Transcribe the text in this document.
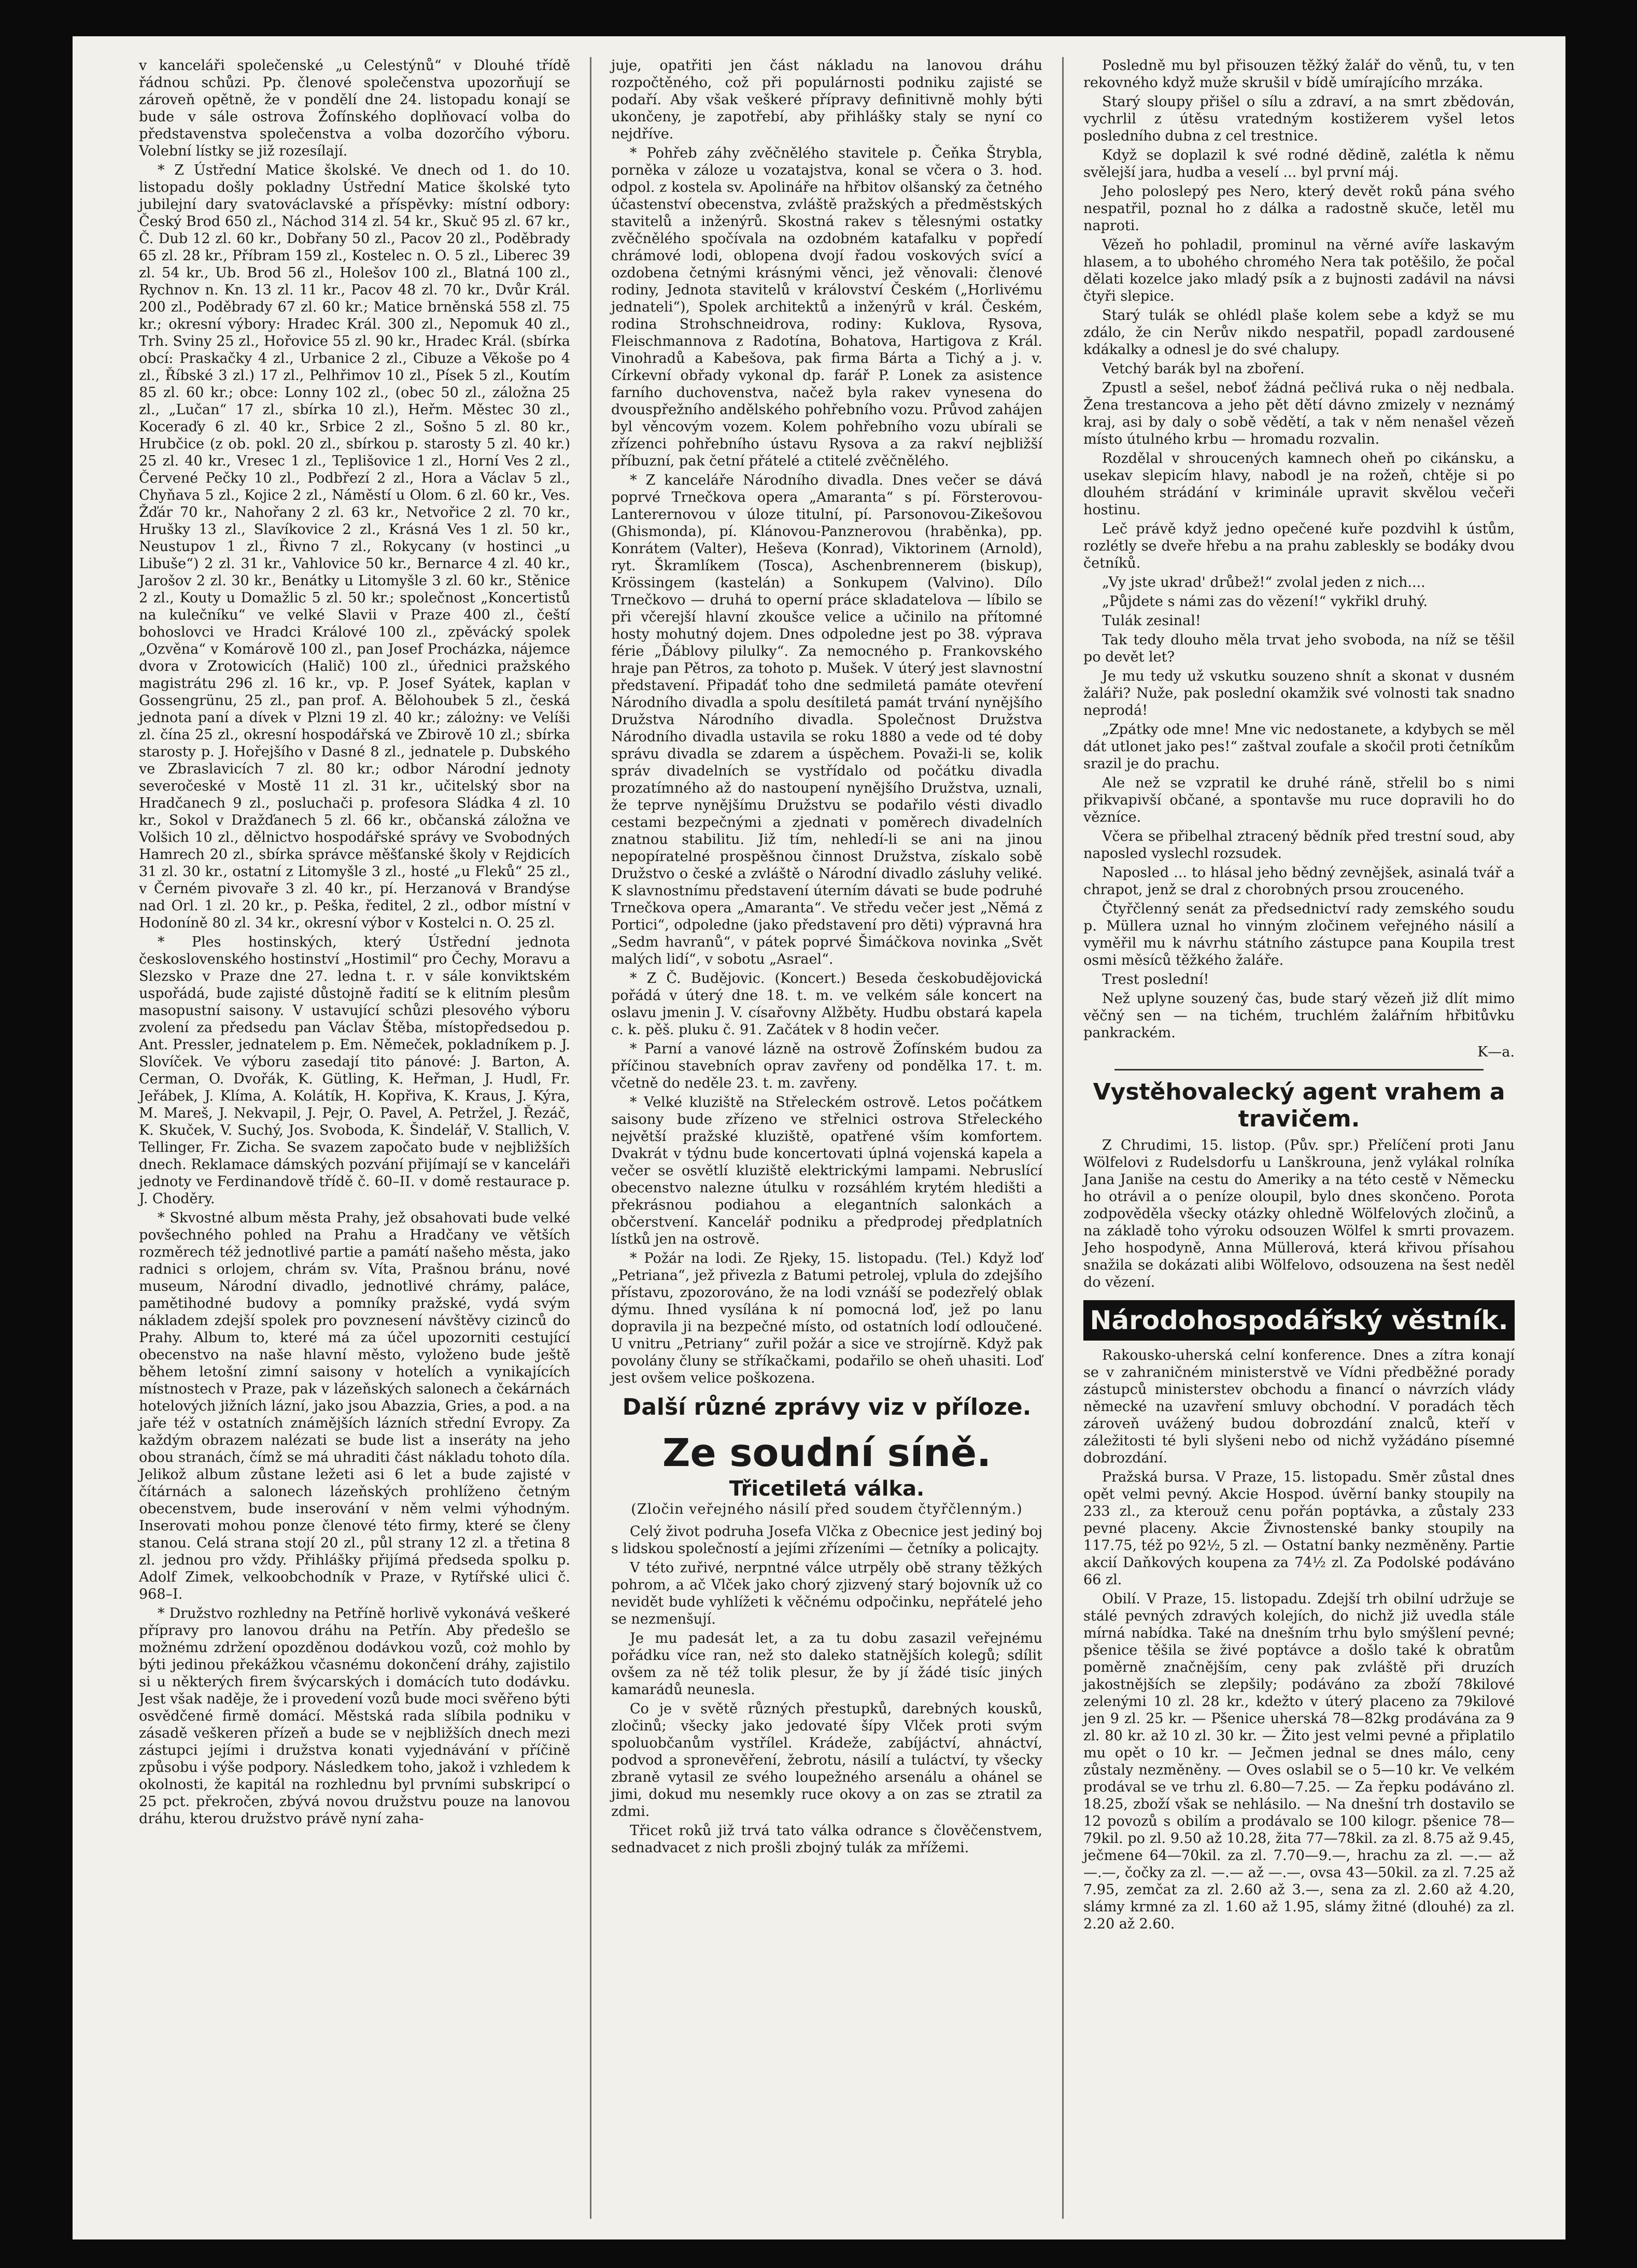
v kanceláři společenské „u Celestýnů“ v Dlouhé třídě řádnou schůzi. Pp. členové společenstva upozorňují se zároveň opětně, že v pondělí dne 24. listopadu konají se bude v sále ostrova Žofínského doplňovací volba do představenstva společenstva a volba dozorčího výboru. Volební lístky se již rozesílají.

* Z Ústřední Matice školské. Ve dnech od 1. do 10. listopadu došly pokladny Ústřední Matice školské tyto jubilejní dary svatováclavské a příspěvky: místní odbory: Český Brod 650 zl., Náchod 314 zl. 54 kr., Skuč 95 zl. 67 kr., Č. Dub 12 zl. 60 kr., Dobřany 50 zl., Pacov 20 zl., Poděbrady 65 zl. 28 kr., Příbram 159 zl., Kostelec n. O. 5 zl., Liberec 39 zl. 54 kr., Ub. Brod 56 zl., Holešov 100 zl., Blatná 100 zl., Rychnov n. Kn. 13 zl. 11 kr., Pacov 48 zl. 70 kr., Dvůr Král. 200 zl., Poděbrady 67 zl. 60 kr.; Matice brněnská 558 zl. 75 kr.; okresní výbory: Hradec Král. 300 zl., Nepomuk 40 zl., Trh. Sviny 25 zl., Hořovice 55 zl. 90 kr., Hradec Král. (sbírka obcí: Praskačky 4 zl., Urbanice 2 zl., Cibuze a Věkoše po 4 zl., Říbské 3 zl.) 17 zl., Pelhřimov 10 zl., Písek 5 zl., Koutím 85 zl. 60 kr.; obce: Lonny 102 zl., (obec 50 zl., záložna 25 zl., „Lučan“ 17 zl., sbírka 10 zl.), Heřm. Městec 30 zl., Koceraďy 6 zl. 40 kr., Srbice 2 zl., Sošno 5 zl. 80 kr., Hrubčice (z ob. pokl. 20 zl., sbírkou p. starosty 5 zl. 40 kr.) 25 zl. 40 kr., Vresec 1 zl., Teplišovice 1 zl., Horní Ves 2 zl., Červené Pečky 10 zl., Podbřezí 2 zl., Hora a Václav 5 zl., Chyňava 5 zl., Kojice 2 zl., Náměstí u Olom. 6 zl. 60 kr., Ves. Žďár 70 kr., Nahořany 2 zl. 63 kr., Netvořice 2 zl. 70 kr., Hrušky 13 zl., Slavíkovice 2 zl., Krásná Ves 1 zl. 50 kr., Neustupov 1 zl., Řivno 7 zl., Rokycany (v hostinci „u Libuše“) 2 zl. 31 kr., Vahlovice 50 kr., Bernarce 4 zl. 40 kr., Jarošov 2 zl. 30 kr., Benátky u Litomyšle 3 zl. 60 kr., Stěnice 2 zl., Kouty u Domažlic 5 zl. 50 kr.; společnost „Koncertistů na kulečníku“ ve velké Slavii v Praze 400 zl., čeští bohoslovci ve Hradci Králové 100 zl., zpěvácký spolek „Ozvěna“ v Komárově 100 zl., pan Josef Procházka, nájemce dvora v Zrotowicích (Halič) 100 zl., úřednici pražského magistrátu 296 zl. 16 kr., vp. P. Josef Syátek, kaplan v Gossengrünu, 25 zl., pan prof. A. Bělohoubek 5 zl., česká jednota paní a dívek v Plzni 19 zl. 40 kr.; zálożny: ve Velíši zl. čína 25 zl., okresní hospodářská ve Zbirově 10 zl.; sbírka starosty p. J. Hořejšího v Dasné 8 zl., jednatele p. Dubského ve Zbraslavicích 7 zl. 80 kr.; odbor Národní jednoty severočeské v Mostě 11 zl. 31 kr., učitelský sbor na Hradčanech 9 zl., posluchači p. profesora Sládka 4 zl. 10 kr., Sokol v Dražďanech 5 zl. 66 kr., občanská záložna ve Volšich 10 zl., dělnictvo hospodářské správy ve Svobodných Hamrech 20 zl., sbírka správce měšťanské školy v Rejdicích 31 zl. 30 kr., ostatní z Litomyšle 3 zl., hosté „u Fleků“ 25 zl., v Černém pivovaře 3 zl. 40 kr., pí. Herzanová v Brandýse nad Orl. 1 zl. 20 kr., p. Peška, ředitel, 2 zl., odbor místní v Hodoníně 80 zl. 34 kr., okresní výbor v Kostelci n. O. 25 zl.

* Ples hostinských, který Ústřední jednota československého hostinství „Hostimil“ pro Čechy, Moravu a Slezsko v Praze dne 27. ledna t. r. v sále konviktském uspořádá, bude zajisté důstojně řadití se k elitním plesům masopustní saisony. V ustavující schůzi plesového výboru zvolení za předsedu pan Václav Štěba, místopředsedou p. Ant. Pressler, jednatelem p. Em. Němeček, pokladníkem p. J. Slovíček. Ve výboru zasedají tito pánové: J. Barton, A. Cerman, O. Dvořák, K. Gütling, K. Heřman, J. Hudl, Fr. Jeřábek, J. Klíma, A. Kolátík, H. Kopřiva, K. Kraus, J. Kýra, M. Mareš, J. Nekvapil, J. Pejr, O. Pavel, A. Petržel, J. Řezáč, K. Skuček, V. Suchý, Jos. Svoboda, K. Šindelář, V. Stallich, V. Tellinger, Fr. Zicha. Se svazem započato bude v nejbližších dnech. Reklamace dámských pozvání přijímají se v kanceláři jednoty ve Ferdinandově třídě č. 60–II. v domě restaurace p. J. Choděry.

* Skvostné album města Prahy, jež obsahovati bude velké povšechného pohled na Prahu a Hradčany ve větších rozměrech též jednotlivé partie a památí našeho města, jako radnici s orlojem, chrám sv. Víta, Prašnou bránu, nové museum, Národní divadlo, jednotlivé chrámy, paláce, pamětihodné budovy a pomníky pražské, vydá svým nákladem zdejší spolek pro povznesení návštěvy cizinců do Prahy. Album to, které má za účel upozorniti cestující obecenstvo na naše hlavní město, vyloženo bude ještě během letošní zimní saisony v hotelích a vynikajících místnostech v Praze, pak v lázeňských salonech a čekárnách hotelových jižních lázní, jako jsou Abazzia, Gries, a pod. a na jaře též v ostatních známějších lázních střední Evropy. Za každým obrazem nalézati se bude list a inseráty na jeho obou stranách, čímž se má uhraditi část nákladu tohoto díla. Jelikož album zůstane ležeti asi 6 let a bude zajisté v čítárnách a salonech lázeňských prohlíženo četným obecenstvem, bude inserování v něm velmi výhodným. Inserovati mohou ponze členové této firmy, které se členy stanou. Celá strana stojí 20 zl., půl strany 12 zl. a třetina 8 zl. jednou pro vždy. Přihlášky přijímá předseda spolku p. Adolf Zimek, velkoobchodník v Praze, v Rytířské ulici č. 968–I.

* Družstvo rozhledny na Petříně horlivě vykonává veškeré přípravy pro lanovou dráhu na Petřín. Aby předešlo se možnému zdržení opozděnou dodávkou vozů, coż mohlo by býti jedinou překážkou včasnému dokončení dráhy, zajistilo si u některých firem švýcarských i domácích tuto dodávku. Jest však naděje, že i provedení vozů bude moci svěřeno býti osvědčené firmě domácí. Městská rada slíbila podniku v zásadě veškeren přízeň a bude se v nejbližších dnech mezi zástupci jejími i družstva konati vyjednávání v příčině způsobu i výše podpory. Následkem toho, jakož i vzhledem k okolnosti, že kapitál na rozhlednu byl prvními subskripcí o 25 pct. překročen, zbývá novou družstvu pouze na lanovou dráhu, kterou družstvo právě nyní zaha-

juje, opatřiti jen část nákladu na lanovou dráhu rozpočtěného, což při populárnosti podniku zajisté se podaří. Aby však veškeré přípravy definitivně mohly býti ukončeny, je zapotřebí, aby přihlášky staly se nyní co nejdříve.

* Pohřeb záhy zvěčnělého stavitele p. Čeňka Štrybla, porněka v záloze u vozatajstva, konal se včera o 3. hod. odpol. z kostela sv. Apolináře na hřbitov olšanský za četného účastenství obecenstva, zvláště pražských a předměstských stavitelů a inženýrů. Skostná rakev s tělesnými ostatky zvěčnělého spočívala na ozdobném katafalku v popředí chrámové lodi, oblopena dvojí řadou voskových svící a ozdobena četnými krásnými věnci, jež věnovali: členové rodiny, Jednota stavitelů v království Českém („Horlivému jednateli“), Spolek architektů a inženýrů v král. Českém, rodina Strohschneidrova, rodiny: Kuklova, Rysova, Fleischmannova z Radotína, Bohatova, Hartigova z Král. Vinohradů a Kabešova, pak firma Bárta a Tichý a j. v. Církevní obřady vykonal dp. farář P. Lonek za asistence farního duchovenstva, načež byla rakev vynesena do dvouspřežního andělského pohřebního vozu. Průvod zahájen byl věncovým vozem. Kolem pohřebního vozu ubírali se zřízenci pohřebního ústavu Rysova a za rakví nejbližší příbuzní, pak četní přátelé a ctitelé zvěčnělého.

* Z kanceláře Národního divadla. Dnes večer se dává poprvé Trnečkova opera „Amaranta“ s pí. Försterovou-Lanterernovou v úloze titulní, pí. Parsonovou-Zikešovou (Ghismonda), pí. Klánovou-Panznerovou (hraběnka), pp. Konrátem (Valter), Heševa (Konrad), Viktorinem (Arnold), ryt. Škramlíkem (Tosca), Aschenbrennerem (biskup), Krössingem (kastelán) a Sonkupem (Valvino). Dílo Trnečkovo — druhá to operní práce skladatelova — líbilo se při včerejší hlavní zkoušce velice a učinilo na přítomné hosty mohutný dojem. Dnes odpoledne jest po 38. výprava férie „Ďáblovy pilulky“. Za nemocného p. Frankovského hraje pan Pětros, za tohoto p. Mušek. V úterý jest slavnostní představení. Připadáť toho dne sedmiletá památe otevření Národního divadla a spolu desítiletá památ trvání nynějšího Družstva Národního divadla. Společnost Družstva Národního divadla ustavila se roku 1880 a vede od té doby správu divadla se zdarem a úspěchem. Považi-li se, kolik správ divadelních se vystřídalo od počátku divadla prozatímného až do nastoupení nynějšího Družstva, uznali, že teprve nynějšímu Družstvu se podařilo vésti divadlo cestami bezpečnými a zjednati v poměrech divadelních znatnou stabilitu. Již tím, nehledí-li se ani na jinou nepopíratelné prospěšnou činnost Družstva, získalo sobě Družstvo o české a zvláště o Národní divadlo zásluhy veliké. K slavnostnímu představení úterním dávati se bude podruhé Trnečkova opera „Amaranta“. Ve středu večer jest „Němá z Portici“, odpoledne (jako představení pro děti) výpravná hra „Sedm havranů“, v pátek poprvé Šimáčkova novinka „Svět malých lidí“, v sobotu „Asrael“.

* Z Č. Budějovic. (Koncert.) Beseda českobudějovická pořádá v úterý dne 18. t. m. ve velkém sále koncert na oslavu jmenin J. V. císařovny Alžběty. Hudbu obstará kapela c. k. pěš. pluku č. 91. Začátek v 8 hodin večer.

* Parní a vanové lázně na ostrově Žofínském budou za příčinou stavebních oprav zavřeny od pondělka 17. t. m. včetně do neděle 23. t. m. zavřeny.

* Velké kluziště na Střeleckém ostrově. Letos počátkem saisony bude zřízeno ve střelnici ostrova Střeleckého největší pražské kluziště, opatřené vším komfortem. Dvakrát v týdnu bude koncertovati úplná vojenská kapela a večer se osvětlí kluziště elektrickými lampami. Nebruslící obecenstvo nalezne útulku v rozsáhlém krytém hledišti a překrásnou podiahou a elegantních salonkách a občerstvení. Kancelář podniku a předprodej předplatních lístků jen na ostrově.

* Požár na lodi. Ze Rjeky, 15. listopadu. (Tel.) Když loď „Petriana“, jež přivezla z Batumi petrolej, vplula do zdejšího přístavu, zpozorováno, že na lodi vznáší se podezřelý oblak dýmu. Ihned vysílána k ní pomocná loď, jež po lanu dopravila ji na bezpečné místo, od ostatních lodí odloučené. U vnitru „Petriany“ zuřil požár a sice ve strojírně. Když pak povolány čluny se stříkačkami, podařilo se oheň uhasiti. Loď jest ovšem velice poškozena.

Další různé zprávy viz v příloze.
Ze soudní síně.
Třicetiletá válka.
(Zločin veřejného násilí před soudem čtyřčlenným.)

Celý život podruha Josefa Vlčka z Obecnice jest jediný boj s lidskou společností a jejími zřízeními — četníky a policajty.

V této zuřivé, nerpntné válce utrpěly obě strany těžkých pohrom, a ač Vlček jako chorý zjizvený starý bojovník už co nevidět bude vyhlížeti k věčnému odpočinku, nepřátelé jeho se nezmenšují.

Je mu padesát let, a za tu dobu zasazil veřejnému pořádku více ran, než sto daleko statnějších kolegů; sdílit ovšem za ně též tolik plesur, že by jí žádé tisíc jiných kamarádů neunesla.

Co je v světě různých přestupků, darebných kousků, zločinů; všecky jako jedovaté šípy Vlček proti svým spoluobčanům vystřílel. Krádeže, zabíjáctví, ahnáctví, podvod a spronevěření, žebrotu, násilí a tuláctví, ty všecky zbraně vytasil ze svého loupežného arsenálu a ohánel se jimi, dokud mu nesemkly ruce okovy a on zas se ztratil za zdmi.

Třicet roků již trvá tato válka odrance s člověčenstvem, sednadvacet z nich prošli zbojný tulák za mřížemi.

Posledně mu byl přisouzen těžký žalář do věnů, tu, v ten rekovného když muže skrušil v bídě umírajícího mrzáka.

Starý sloupy přišel o sílu a zdraví, a na smrt zbědován, vychrlil z útěsu vratedným kostižerem vyšel letos posledního dubna z cel trestnice.

Když se doplazil k své rodné dědině, zalétla k němu svělejší jara, hudba a veselí ... byl první máj.

Jeho poloslepý pes Nero, který devět roků pána svého nespatřil, poznal ho z dálka a radostně skuče, letěl mu naproti.

Vězeň ho pohladil, prominul na věrné avíře laskavým hlasem, a to ubohého chromého Nera tak potěšilo, že počal dělati kozelce jako mladý psík a z bujnosti zadávil na návsi čtyři slepice.

Starý tulák se ohlédl plaše kolem sebe a když se mu zdálo, že cin Nerův nikdo nespatřil, popadl zardousené kdákalky a odnesl je do své chalupy.

Vetchý barák byl na zboření.

Zpustl a sešel, neboť žádná pečlivá ruka o něj nedbala. Žena trestancova a jeho pět dětí dávno zmizely v neznámý kraj, asi by daly o sobě vědětí, a tak v něm nenašel vězeň místo útulného krbu — hromadu rozvalin.

Rozdělal v shroucených kamnech oheň po cikánsku, a usekav slepicím hlavy, nabodl je na rožeň, chtěje si po dlouhém strádání v kriminále upravit skvělou večeři hostinu.

Leč právě když jedno opečené kuře pozdvihl k ústům, rozlétly se dveře hřebu a na prahu zableskly se bodáky dvou četníků.

„Vy jste ukrad' drůbež!“ zvolal jeden z nich....

„Půjdete s námi zas do vězení!“ vykřikl druhý.

Tulák zesinal!

Tak tedy dlouho měla trvat jeho svoboda, na níž se těšil po devět let?

Je mu tedy už vskutku souzeno shnít a skonat v dusném žaláři? Nuže, pak poslední okamžik své volnosti tak snadno neprodá!

„Zpátky ode mne! Mne vic nedostanete, a kdybych se měl dát utlonet jako pes!“ zaštval zoufale a skočil proti četníkům srazil je do prachu.

Ale než se vzpratil ke druhé ráně, střelil bo s nimi přikvapivší občané, a spontavše mu ruce dopravili ho do vězníce.

Včera se přibelhal ztracený bědník před trestní soud, aby naposled vyslechl rozsudek.

Naposled ... to hlásal jeho bědný zevnějšek, asinalá tvář a chrapot, jenž se dral z chorobných prsou zrouceného.

Čtyřčlenný senát za předsednictví rady zemského soudu p. Müllera uznal ho vinným zločinem veřejného násilí a vyměřil mu k návrhu státního zástupce pana Koupila trest osmi měsíců těžkého žaláře.

Trest poslední!

Než uplyne souzený čas, bude starý vězeň již dlít mimo věčný sen — na tichém, truchlém žalářním hřbitůvku pankrackém.

K—a.
Vystěhovalecký agent vrahem a travičem.

Z Chrudimi, 15. listop. (Pův. spr.) Přelíčení proti Janu Wölfelovi z Rudelsdorfu u Lanškrouna, jenž vylákal rolníka Jana Janiše na cestu do Ameriky a na této cestě v Německu ho otrávil a o peníze oloupil, bylo dnes skončeno. Porota zodpověděla všecky otázky ohledně Wölfelových zločinů, a na základě toho výroku odsouzen Wölfel k smrti provazem. Jeho hospodyně, Anna Müllerová, která křivou přísahou snažila se dokázati alibi Wölfelovo, odsouzena na šest neděl do vězení.

Národohospodářský věstník.

Rakousko-uherská celní konference. Dnes a zítra konají se v zahraničném ministerstvě ve Vídni předběžné porady zástupců ministerstev obchodu a financí o návrzích vlády německé na uzavření smluvy obchodní. V poradách těch zároveň uvážený budou dobrozdání znalců, kteří v záležitosti té byli slyšeni nebo od nichž vyžádáno písemné dobrozdání.

Pražská bursa. V Praze, 15. listopadu. Směr zůstal dnes opět velmi pevný. Akcie Hospod. úvěrní banky stoupily na 233 zl., za kterouž cenu pořán poptávka, a zůstaly 233 pevné placeny. Akcie Živnostenské banky stoupily na 117.75, též po 92½, 5 zl. — Ostatní banky nezměněny. Partie akcií Daňkových koupena za 74½ zl. Za Podolské podáváno 66 zl.

Obilí. V Praze, 15. listopadu. Zdejší trh obilní udržuje se stálé pevných zdravých kolejích, do nichž již uvedla stále mírná nabídka. Také na dnešním trhu bylo smýšlení pevné; pšenice těšila se živé poptávce a došlo také k obratům poměrně značnějším, ceny pak zvláště při druzích jakostnějších se zlepšily; podáváno za zboží 78kilové zelenými 10 zl. 28 kr., kdežto v úterý placeno za 79kilové jen 9 zl. 25 kr. — Pšenice uherská 78—82kg prodávána za 9 zl. 80 kr. až 10 zl. 30 kr. — Žito jest velmi pevné a připlatilo mu opět o 10 kr. — Ječmen jednal se dnes málo, ceny zůstaly nezměněny. — Oves oslabil se o 5—10 kr. Ve velkém prodával se ve trhu zl. 6.80—7.25. — Za řepku podáváno zl. 18.25, zboží však se nehlásilo. — Na dnešní trh dostavilo se 12 povozů s obilím a prodávalo se 100 kilogr. pšenice 78—79kil. po zl. 9.50 až 10.28, žita 77—78kil. za zl. 8.75 až 9.45, ječmene 64—70kil. za zl. 7.70—9.—, hrachu za zl. —.— až —.—, čočky za zl. —.— až —.—, ovsa 43—50kil. za zl. 7.25 až 7.95, zemčat za zl. 2.60 až 3.—, sena za zl. 2.60 až 4.20, slámy krmné za zl. 1.60 až 1.95, slámy žitné (dlouhé) za zl. 2.20 až 2.60.
